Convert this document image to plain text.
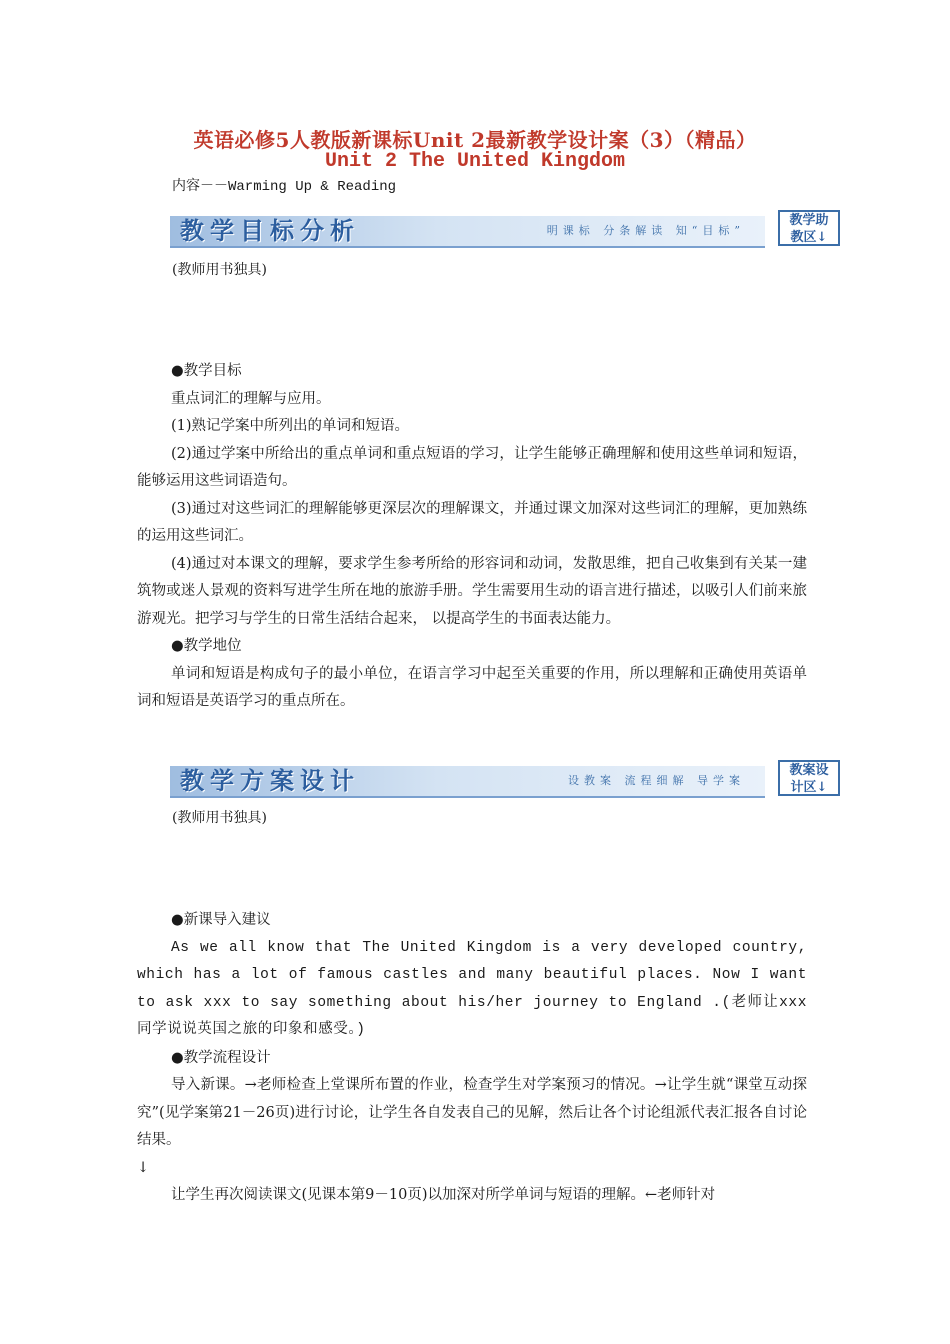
英语必修5人教版新课标Unit 2最新教学设计案（3）（精品）
Unit 2 The United Kingdom
内容－－Warming Up & Reading
教学目标分析	明课标 分条解读 知“目标”
教学助
教区↓
(教师用书独具)

●教学目标

重点词汇的理解与应用。

(1)熟记学案中所列出的单词和短语。

(2)通过学案中所给出的重点单词和重点短语的学习，让学生能够正确理解和使用这些单词和短语，能够运用这些词语造句。

(3)通过对这些词汇的理解能够更深层次的理解课文，并通过课文加深对这些词汇的理解，更加熟练的运用这些词汇。

(4)通过对本课文的理解，要求学生参考所给的形容词和动词，发散思维，把自己收集到有关某一建筑物或迷人景观的资料写进学生所在地的旅游手册。学生需要用生动的语言进行描述，以吸引人们前来旅游观光。把学习与学生的日常生活结合起来， 以提高学生的书面表达能力。

●教学地位

单词和短语是构成句子的最小单位，在语言学习中起至关重要的作用，所以理解和正确使用英语单词和短语是英语学习的重点所在。

教学方案设计	设教案 流程细解 导学案
教案设
计区↓
(教师用书独具)

●新课导入建议

As we all know that The United Kingdom is a very developed country, which has a lot of famous castles and many beautiful places. Now I want to ask xxx to say something about his/her journey to England .(老师让xxx同学说说英国之旅的印象和感受。)

●教学流程设计

导入新课。→老师检查上堂课所布置的作业，检查学生对学案预习的情况。→让学生就“课堂互动探究”(见学案第21－26页)进行讨论，让学生各自发表自己的见解，然后让各个讨论组派代表汇报各自讨论结果。

↓

让学生再次阅读课文(见课本第9－10页)以加深对所学单词与短语的理解。←老师针对
